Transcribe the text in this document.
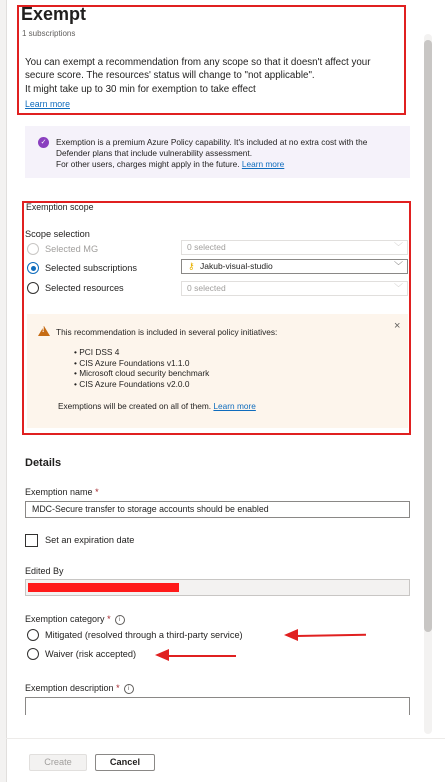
Exempt
1 subscriptions
You can exempt a recommendation from any scope so that it doesn't affect your
secure score. The resources' status will change to "not applicable".
It might take up to 30 min for exemption to take effect
Learn more
✓	Exemption is a premium Azure Policy capability. It's included at no extra cost with the
Defender plans that include vulnerability assessment.
For other users, charges might apply in the future. Learn more
Exemption scope
Scope selection
Selected MG	0 selected	﹀
Selected subscriptions	⚷ Jakub-visual-studio	﹀
Selected resources	0 selected	﹀
! This recommendation is included in several policy initiatives:	×
• PCI DSS 4
• CIS Azure Foundations v1.1.0
• Microsoft cloud security benchmark
• CIS Azure Foundations v2.0.0
Exemptions will be created on all of them. Learn more
Details
Exemption name *
MDC-Secure transfer to storage accounts should be enabled
Set an expiration date
Edited By
Exemption category * i
Mitigated (resolved through a third-party service)
Waiver (risk accepted)
Exemption description * i
Create	Cancel
